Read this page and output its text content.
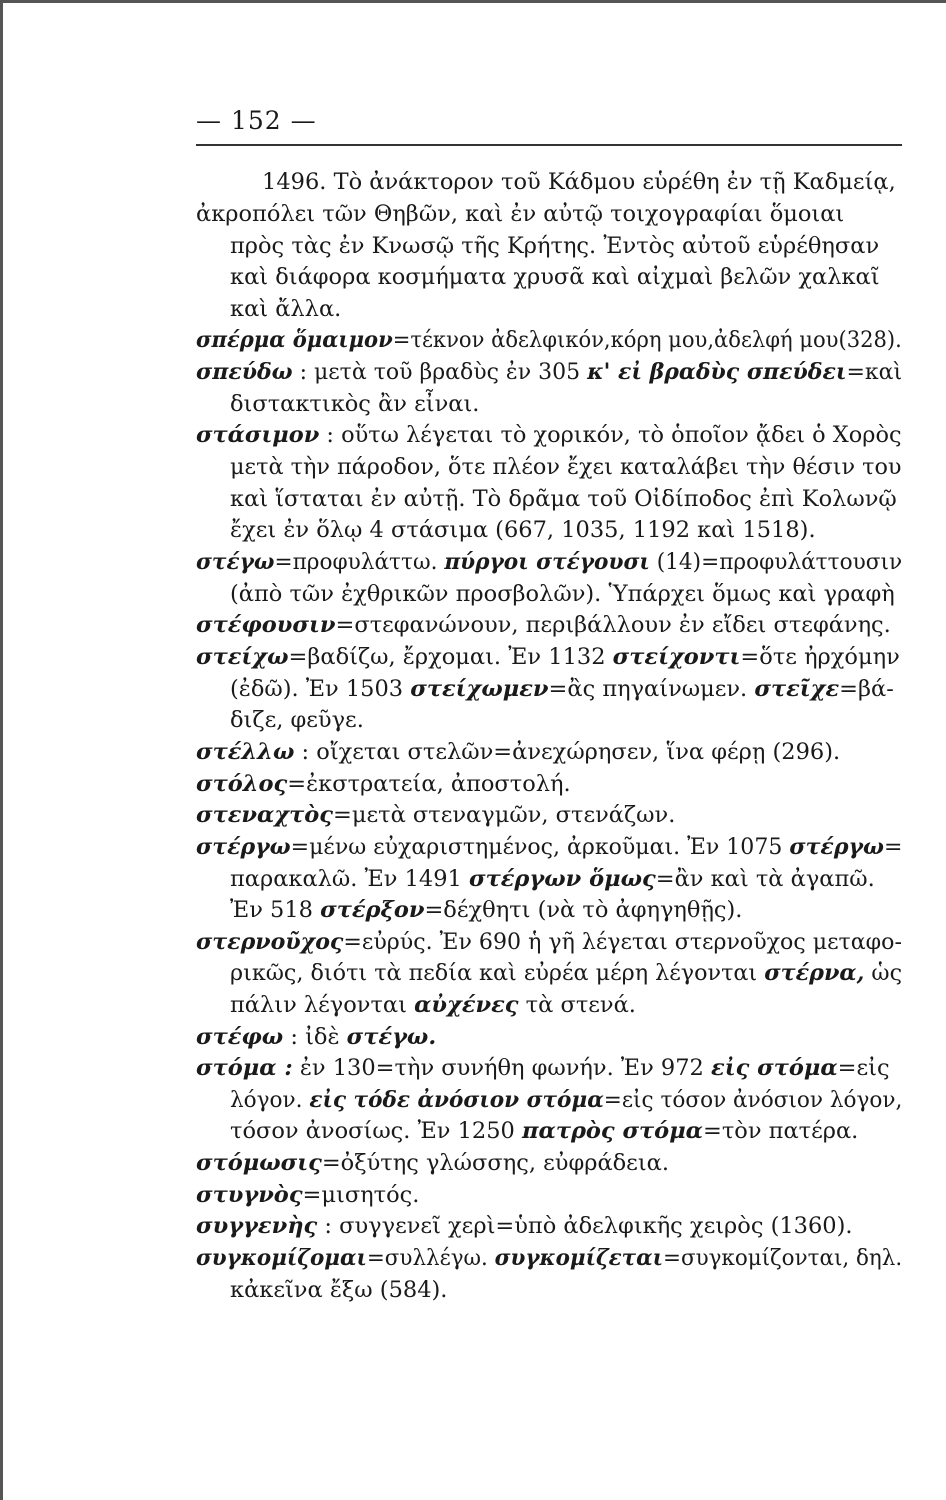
— 152 —
1496. Τὸ ἀνάκτορον τοῦ Κάδμου εὑρέθη ἐν τῇ Καδμείᾳ,
ἀκροπόλει τῶν Θηβῶν, καὶ ἐν αὐτῷ τοιχογραφίαι ὅμοιαι
πρὸς τὰς ἐν Κνωσῷ τῆς Κρήτης. Ἐντὸς αὐτοῦ εὑρέθησαν
καὶ διάφορα κοσμήματα χρυσᾶ καὶ αἰχμαὶ βελῶν χαλκαῖ
καὶ ἄλλα.
σπέρμα ὅμαιμον=τέκνον ἀδελφικόν,κόρη μου,ἀδελφή μου(328).
σπεύδω : μετὰ τοῦ βραδὺς ἐν 305 κ' εἰ βραδὺς σπεύδει=καὶ
διστακτικὸς ἂν εἶναι.
στάσιμον : οὕτω λέγεται τὸ χορικόν, τὸ ὁποῖον ᾄδει ὁ Χορὸς
μετὰ τὴν πάροδον, ὅτε πλέον ἔχει καταλάβει τὴν θέσιν του
καὶ ἵσταται ἐν αὐτῇ. Τὸ δρᾶμα τοῦ Οἰδίποδος ἐπὶ Κολωνῷ
ἔχει ἐν ὅλῳ 4 στάσιμα (667, 1035, 1192 καὶ 1518).
στέγω=προφυλάττω. πύργοι στέγουσι (14)=προφυλάττουσιν
(ἀπὸ τῶν ἐχθρικῶν προσβολῶν). Ὑπάρχει ὅμως καὶ γραφὴ
στέφουσιν=στεφανώνουν, περιβάλλουν ἐν εἴδει στεφάνης.
στείχω=βαδίζω, ἔρχομαι. Ἐν 1132 στείχοντι=ὅτε ἠρχόμην
(ἐδῶ). Ἐν 1503 στείχωμεν=ἂς πηγαίνωμεν. στεῖχε=βά-
διζε, φεῦγε.
στέλλω : οἴχεται στελῶν=ἀνεχώρησεν, ἵνα φέρῃ (296).
στόλος=ἐκστρατεία, ἀποστολή.
στεναχτὸς=μετὰ στεναγμῶν, στενάζων.
στέργω=μένω εὐχαριστημένος, ἀρκοῦμαι. Ἐν 1075 στέργω=
παρακαλῶ. Ἐν 1491 στέργων ὅμως=ἂν καὶ τὰ ἀγαπῶ.
Ἐν 518 στέρξον=δέχθητι (νὰ τὸ ἀφηγηθῇς).
στερνοῦχος=εὐρύς. Ἐν 690 ἡ γῆ λέγεται στερνοῦχος μεταφο-
ρικῶς, διότι τὰ πεδία καὶ εὐρέα μέρη λέγονται στέρνα, ὡς
πάλιν λέγονται αὐχένες τὰ στενά.
στέφω : ἰδὲ στέγω.
στόμα : ἐν 130=τὴν συνήθη φωνήν. Ἐν 972 εἰς στόμα=εἰς
λόγον. εἰς τόδε ἀνόσιον στόμα=εἰς τόσον ἀνόσιον λόγον,
τόσον ἀνοσίως. Ἐν 1250 πατρὸς στόμα=τὸν πατέρα.
στόμωσις=ὀξύτης γλώσσης, εὐφράδεια.
στυγνὸς=μισητός.
συγγενὴς : συγγενεῖ χερὶ=ὑπὸ ἀδελφικῆς χειρὸς (1360).
συγκομίζομαι=συλλέγω. συγκομίζεται=συγκομίζονται, δηλ.
κἀκεῖνα ἔξω (584).
